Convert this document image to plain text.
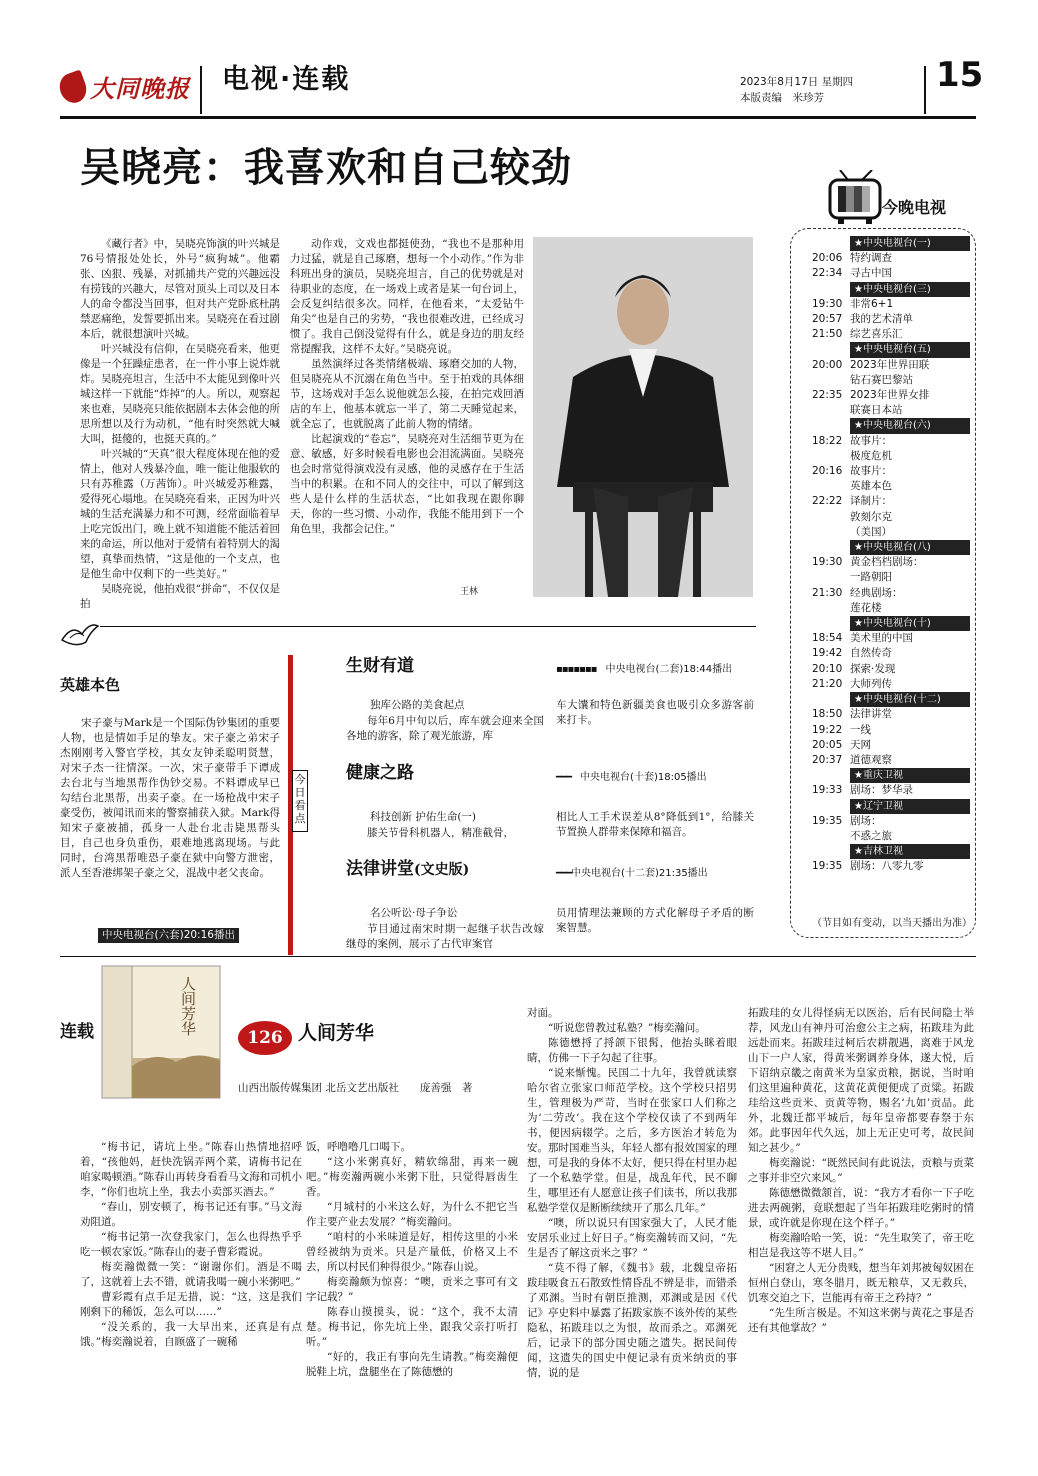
大同晚报 电视·连载	2023年8月17日 星期四
本版责编　米珍芳
15
吴晓亮：我喜欢和自己较劲

《藏行者》中，吴晓亮饰演的叶兴城是76号情报处处长，外号“疯狗城”。他霸张、凶狠、残暴，对抓捕共产党的兴趣远没有捞钱的兴趣大，尽管对顶头上司以及日本人的命令都没当回事，但对共产党卧底杜鹃禁恶痛绝，发誓要抓出来。吴晓亮在看过剧本后，就很想演叶兴城。

叶兴城没有信仰，在吴晓亮看来，他更像是一个狂躁症患者，在一件小事上说炸就炸。吴晓亮坦言，生活中不太能见到像叶兴城这样一下就能“炸掉”的人。所以，观察起来也难，吴晓亮只能依据剧本去体会他的所思所想以及行为动机，“他有时突然就大喊大叫，挺傻的，也挺天真的。”

叶兴城的“天真”很大程度体现在他的爱情上，他对人残暴冷血，唯一能让他服软的只有苏稚露（万茜饰）。叶兴城爱苏稚露，爱得死心塌地。在吴晓亮看来，正因为叶兴城的生活充满暴力和不可测，经常面临着早上吃完饭出门，晚上就不知道能不能活着回来的命运，所以他对于爱情有着特别大的渴望，真挚而热情，“这是他的一个支点，也是他生命中仅剩下的一些美好。”

吴晓亮说，他拍戏很“拼命”，不仅仅是拍

动作戏，文戏也都挺使劲，“我也不是那种用力过猛，就是自己琢磨，想每一个小动作。”作为非科班出身的演员，吴晓亮坦言，自己的优势就是对待职业的态度，在一场戏上或者是某一句台词上，会反复纠结很多次。同样，在他看来，“太爱钻牛角尖”也是自己的劣势，“我也很难改进，已经成习惯了。我自己倒没觉得有什么，就是身边的朋友经常提醒我，这样不太好。”吴晓亮说。

虽然演绎过各类情绪极端、琢磨交加的人物，但吴晓亮从不沉溺在角色当中。至于拍戏的具体细节，这场戏对手怎么说他就怎么接，在拍完戏回酒店的车上，他基本就忘一半了，第二天睡觉起来，就全忘了，也就脱离了此前人物的情绪。

比起演戏的“卷忘”，吴晓亮对生活细节更为在意、敏感，好多时候看电影也会泪流满面。吴晓亮也会时常觉得演戏没有灵感，他的灵感存在于生活当中的积累。在和不同人的交往中，可以了解到这些人是什么样的生活状态，“比如我现在跟你聊天，你的一些习惯、小动作，我能不能用到下一个角色里，我都会记住。”

王林
今晚电视
★中央电视台(一)
20:06 特约调查
22:34 寻古中国
★中央电视台(三)
19:30 非常6+1
20:57 我的艺术清单
21:50 综艺喜乐汇
★中央电视台(五)
20:00 2023年世界田联
钻石赛巴黎站
22:35 2023年世界女排
联赛日本站
★中央电视台(六)
18:22 故事片：
极度危机
20:16 故事片：
英雄本色
22:22 译制片：
敦刻尔克
（美国）
★中央电视台(八)
19:30 黄金档档剧场：
一路朝阳
21:30 经典剧场：
莲花楼
★中央电视台(十)
18:54 美术里的中国
19:42 自然传奇
20:10 探索·发现
21:20 大师列传
★中央电视台(十二)
18:50 法律讲堂
19:22 一线
20:05 天网
20:37 道德观察
★重庆卫视
19:33 剧场：梦华录
★辽宁卫视
19:35 剧场：
不惑之旅
★吉林卫视
19:35 剧场：八零九零
（节目如有变动，以当天播出为准）
英雄本色

宋子豪与Mark是一个国际伪钞集团的重要人物，也是情如手足的挚友。宋子豪之弟宋子杰刚刚考入警官学校，其女友钟柔聪明贤慧，对宋子杰一往情深。一次，宋子豪带手下谭成去台北与当地黑帮作伪钞交易。不料谭成早已勾结台北黑帮，出卖子豪。在一场枪战中宋子豪受伤，被闻讯而来的警察捕获入狱。Mark得知宋子豪被捕，孤身一人赴台北击毙黑帮头目，自己也身负重伤，艰难地逃离现场。与此同时，台湾黑帮唯恐子豪在狱中向警方泄密，派人至香港绑架子豪之父，混战中老父丧命。

中央电视台(六套)20:16播出
今日看点
生财有道	▪▪▪▪▪▪▪　中央电视台(二套)18:44播出
独库公路的美食起点

每年6月中旬以后，库车就会迎来全国各地的游客，除了观光旅游，库

车大馕和特色新疆美食也吸引众多游客前来打卡。

健康之路	━━━　中央电视台(十套)18:05播出
科技创新 护佑生命(一)

膝关节骨科机器人，精准截骨，

相比人工手术误差从8°降低到1°，给膝关节置换人群带来保障和福音。

法律讲堂(文史版)	━━━中央电视台(十二套)21:35播出
名公听讼·母子争讼

节目通过南宋时期一起继子状告改嫁继母的案例，展示了古代审案官

员用情理法兼顾的方式化解母子矛盾的断案智慧。

连载	人间芳华
126 人间芳华
山西出版传媒集团 北岳文艺出版社　　庞善强　著

“梅书记，请坑上坐。”陈春山热情地招呼着，“孩他妈，赶快洗锅弄两个菜，请梅书记在咱家喝顿酒。”陈春山再转身看看马文海和司机小李，“你们也坑上坐，我去小卖部买酒去。”

“春山，别安顿了，梅书记还有事。”马文海劝阻道。

“梅书记第一次登我家门，怎么也得热乎乎吃一顿农家饭。”陈春山的妻子曹彩霞说。

梅奕瀚微微一笑：“谢谢你们。酒是不喝了，这就着上去不错，就请我喝一碗小米粥吧。”

曹彩霞有点手足无措，说：“这，这是我们刚剩下的稀饭，怎么可以……”

“没关系的，我一大早出来，还真是有点饿。”梅奕瀚说着，自顾盛了一碗稀

饭，呼噜噜几口喝下。

“这小米粥真好，精软绵甜，再来一碗吧。”梅奕瀚两碗小米粥下肚，只觉得唇齿生香。

“月城村的小米这么好，为什么不把它当作主要产业去发展？”梅奕瀚问。

“咱村的小米味道是好，相传这里的小米曾经被纳为贡米。只是产量低，价格又上不去，所以村民们种得很少。”陈春山说。

梅奕瀚颇为惊喜：“噢，贡米之事可有文字记载？”

陈春山摸摸头，说：“这个，我不太清楚。梅书记，你先坑上坐，跟我父亲打听打听。”

“好的，我正有事向先生请教。”梅奕瀚便脱鞋上坑，盘腿坐在了陈德懋的

对面。

“听说您曾教过私塾？”梅奕瀚问。

陈德懋捋了捋颌下银髯，他抬头眯着眼睛，仿佛一下子勾起了往事。

“说来惭愧。民国二十九年，我曾就读察哈尔省立张家口师范学校。这个学校只招男生，管理极为严苛，当时在张家口人们称之为‘二劳改’。我在这个学校仅读了不到两年书，便因病辍学。之后，多方医治才转危为安。那时国难当头，年轻人都有报效国家的理想，可是我的身体不太好，便只得在村里办起了一个私塾学堂。但是，战乱年代，民不聊生，哪里还有人愿意让孩子们读书，所以我那私塾学堂仅是断断续续开了那么几年。”

“噢，所以说只有国家强大了，人民才能安居乐业过上好日子。”梅奕瀚转而又问，“先生是否了解这贡米之事？”

“莫不得了解，《魏书》载，北魏皇帝拓跋珪吸食五石散致性情昏乱不辨是非，而错杀了邓渊。当时有朝臣推测，邓渊或是因《代记》亭史料中暴露了拓跋家族不该外传的某些隐私，拓跋珪以之为恨，故而杀之。邓渊死后，记录下的部分国史随之遗失。据民间传闻，这遗失的国史中便记录有贡米纳贡的事情，说的是

拓跋珪的女儿得怪病无以医治，后有民间隐士举荐，风龙山有神丹可治愈公主之病，拓跋珪为此远赴而来。拓跋珪过柯后农耕靓遇，离难于风龙山下一户人家，得黄米粥调养身体，遂大悦，后下诏纳京畿之南黄米为皇家贡粮，据说，当时咱们这里遍种黄花，这黄花黄便便成了贡粱。拓跋珪给这些贡米、贡黄等物，赐名‘九如’贡品。此外，北魏迁都平城后，每年皇帝都要春祭于东郊。此事因年代久远，加上无正史可考，故民间知之甚少。”

梅奕瀚说：“既然民间有此说法，贡粮与贡菜之事并非空穴来风。”

陈德懋微微颔首，说：“我方才看你一下子吃进去两碗粥，竟联想起了当年拓跋珪吃粥时的情景，或许就是你现在这个样子。”

梅奕瀚哈哈一笑，说：“先生取笑了，帝王吃相岂是我这等不堪人目。”

“困窘之人无分贵贱，想当年刘邦被匈奴困在恒州白登山，寒冬腊月，既无粮草，又无救兵，饥寒交迫之下，岂能再有帝王之矜持？”

“先生所言极是。不知这米粥与黄花之事是否还有其他掌故？”
